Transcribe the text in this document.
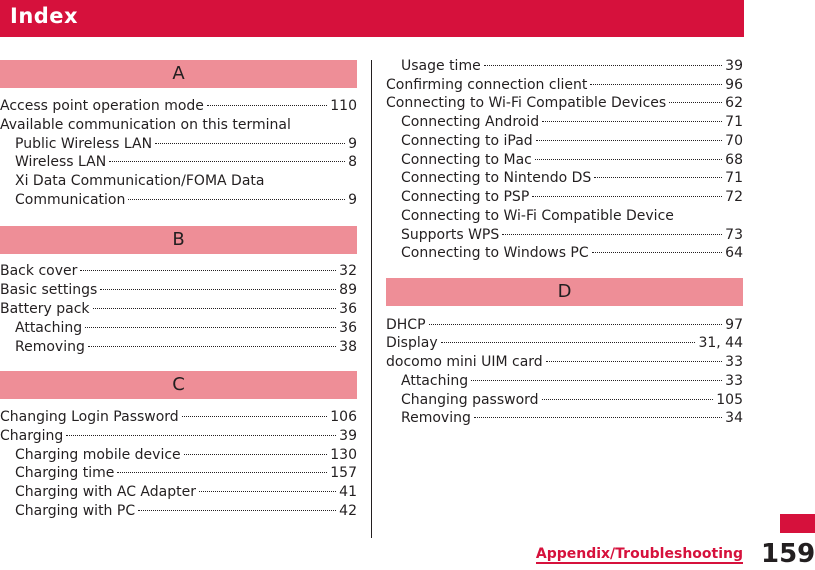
Index
A
Access point operation mode	110
Available communication on this terminal
Public Wireless LAN	9
Wireless LAN	8
Xi Data Communication/FOMA Data
Communication	9
B
Back cover	32
Basic settings	89
Battery pack	36
Attaching	36
Removing	38
C
Changing Login Password	106
Charging	39
Charging mobile device	130
Charging time	157
Charging with AC Adapter	41
Charging with PC	42
Usage time	39
Confirming connection client	96
Connecting to Wi-Fi Compatible Devices	62
Connecting Android	71
Connecting to iPad	70
Connecting to Mac	68
Connecting to Nintendo DS	71
Connecting to PSP	72
Connecting to Wi-Fi Compatible Device
Supports WPS	73
Connecting to Windows PC	64
D
DHCP	97
Display	31, 44
docomo mini UIM card	33
Attaching	33
Changing password	105
Removing	34
Appendix/Troubleshooting 159
